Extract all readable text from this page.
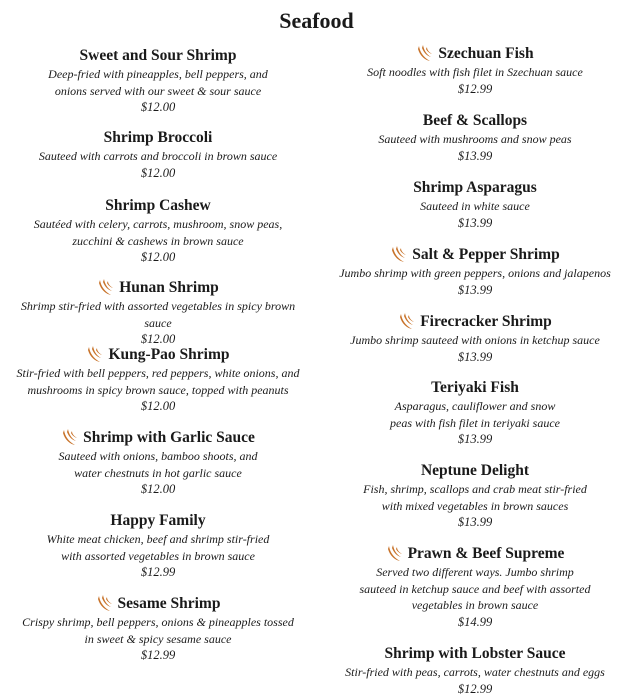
Seafood
Sweet and Sour Shrimp
Deep-fried with pineapples, bell peppers, and
onions served with our sweet & sour sauce
$12.00
Shrimp Broccoli
Sauteed with carrots and broccoli in brown sauce
$12.00
Shrimp Cashew
Sautéed with celery, carrots, mushroom, snow peas,
zucchini & cashews in brown sauce
$12.00
Hunan Shrimp
Shrimp stir-fried with assorted vegetables in spicy brown sauce
$12.00
Kung-Pao Shrimp
Stir-fried with bell peppers, red peppers, white onions, and
mushrooms in spicy brown sauce, topped with peanuts
$12.00
Shrimp with Garlic Sauce
Sauteed with onions, bamboo shoots, and
water chestnuts in hot garlic sauce
$12.00
Happy Family
White meat chicken, beef and shrimp stir-fried
with assorted vegetables in brown sauce
$12.99
Sesame Shrimp
Crispy shrimp, bell peppers, onions & pineapples tossed
in sweet & spicy sesame sauce
$12.99
Szechuan Fish
Soft noodles with fish filet in Szechuan sauce
$12.99
Beef & Scallops
Sauteed with mushrooms and snow peas
$13.99
Shrimp Asparagus
Sauteed in white sauce
$13.99
Salt & Pepper Shrimp
Jumbo shrimp with green peppers, onions and jalapenos
$13.99
Firecracker Shrimp
Jumbo shrimp sauteed with onions in ketchup sauce
$13.99
Teriyaki Fish
Asparagus, cauliflower and snow
peas with fish filet in teriyaki sauce
$13.99
Neptune Delight
Fish, shrimp, scallops and crab meat stir-fried
with mixed vegetables in brown sauces
$13.99
Prawn & Beef Supreme
Served two different ways. Jumbo shrimp
sauteed in ketchup sauce and beef with assorted
vegetables in brown sauce
$14.99
Shrimp with Lobster Sauce
Stir-fried with peas, carrots, water chestnuts and eggs
$12.99
